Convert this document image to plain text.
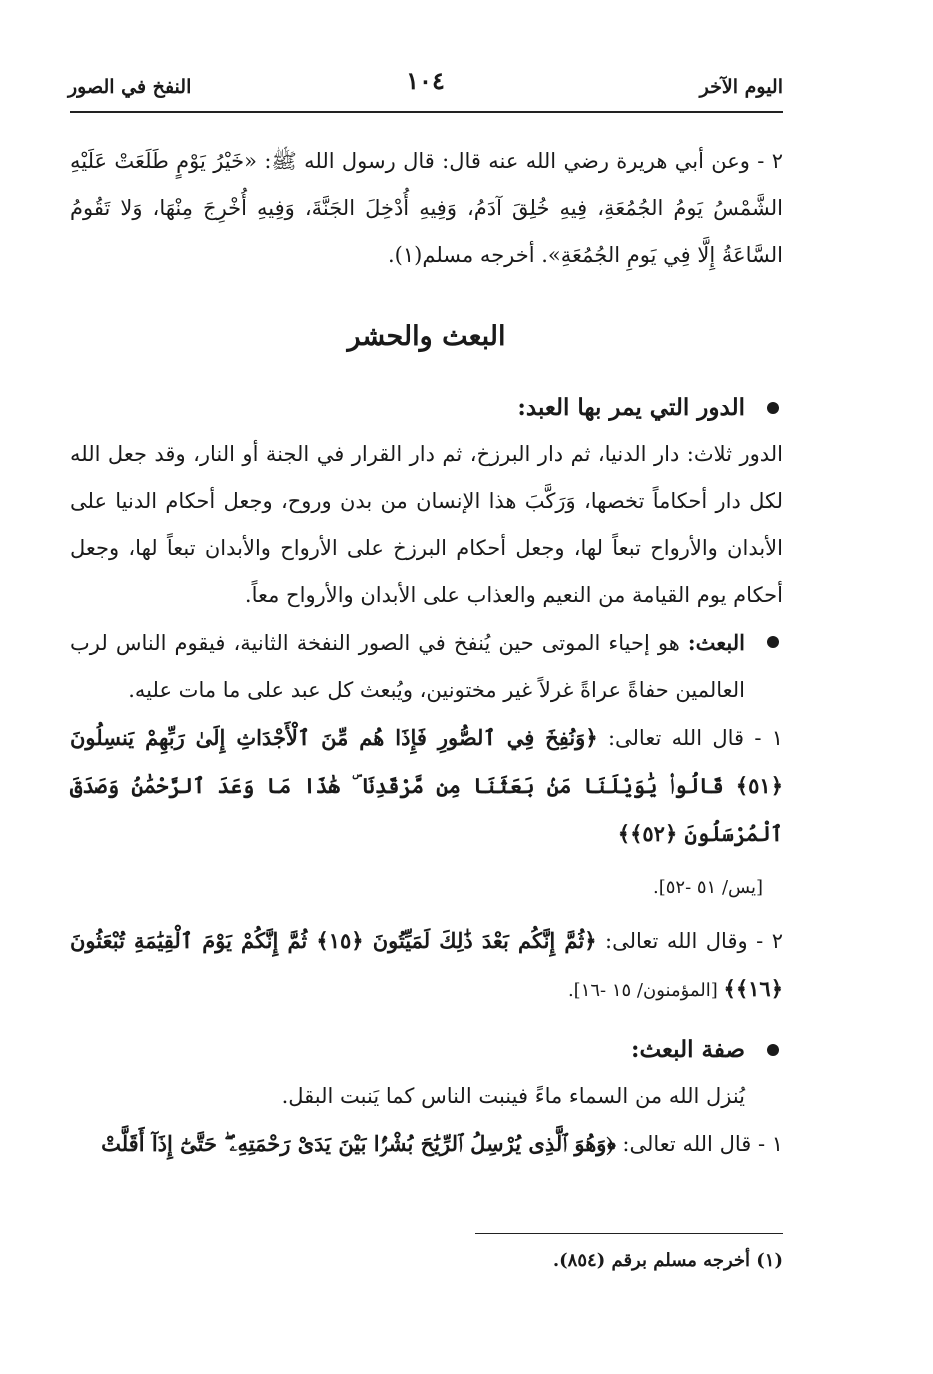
اليوم الآخر
١٠٤
النفخ في الصور

٢ - وعن أبي هريرة رضي الله عنه قال: قال رسول الله ﷺ: «خَيْرُ يَوْمٍ طَلَعَتْ عَلَيْهِ الشَّمْسُ يَومُ الجُمُعَةِ، فِيهِ خُلِقَ آدَمُ، وَفِيهِ أُدْخِلَ الجَنَّةَ، وَفِيهِ أُخْرِجَ مِنْهَا، وَلا تَقُومُ السَّاعَةُ إِلَّا فِي يَومِ الجُمُعَةِ». أخرجه مسلم(١).

البعث والحشر
الدور التي يمر بها العبد:

الدور ثلاث: دار الدنيا، ثم دار البرزخ، ثم دار القرار في الجنة أو النار، وقد جعل الله لكل دار أحكاماً تخصها، وَرَكَّبَ هذا الإنسان من بدن وروح، وجعل أحكام الدنيا على الأبدان والأرواح تبعاً لها، وجعل أحكام البرزخ على الأرواح والأبدان تبعاً لها، وجعل أحكام يوم القيامة من النعيم والعذاب على الأبدان والأرواح معاً.

البعث: هو إحياء الموتى حين يُنفخ في الصور النفخة الثانية، فيقوم الناس لرب العالمين حفاةً عراةً غرلاً غير مختونين، ويُبعث كل عبد على ما مات عليه.

١ - قال الله تعالى: ﴿وَنُفِخَ فِي ٱلصُّورِ فَإِذَا هُم مِّنَ ٱلْأَجْدَاثِ إِلَىٰ رَبِّهِمْ يَنسِلُونَ ﴿٥١﴾ قَالُوا۟ يَٰوَيْلَنَا مَنۢ بَعَثَنَا مِن مَّرْقَدِنَا ۜ هَٰذَا مَا وَعَدَ ٱلرَّحْمَٰنُ وَصَدَقَ ٱلْمُرْسَلُونَ ﴿٥٢﴾﴾

[يس/ ٥١ -٥٢].

٢ - وقال الله تعالى: ﴿ثُمَّ إِنَّكُم بَعْدَ ذَٰلِكَ لَمَيِّتُونَ ﴿١٥﴾ ثُمَّ إِنَّكُمْ يَوْمَ ٱلْقِيَٰمَةِ تُبْعَثُونَ ﴿١٦﴾﴾ [المؤمنون/ ١٥ -١٦].

صفة البعث:

يُنزل الله من السماء ماءً فينبت الناس كما يَنبت البقل.

١ - قال الله تعالى: ﴿وَهُوَ ٱلَّذِى يُرْسِلُ ٱلرِّيَٰحَ بُشْرًۢا بَيْنَ يَدَىْ رَحْمَتِهِۦ ۖ حَتَّىٰٓ إِذَآ أَقَلَّتْ

(١) أخرجه مسلم برقم (٨٥٤).
